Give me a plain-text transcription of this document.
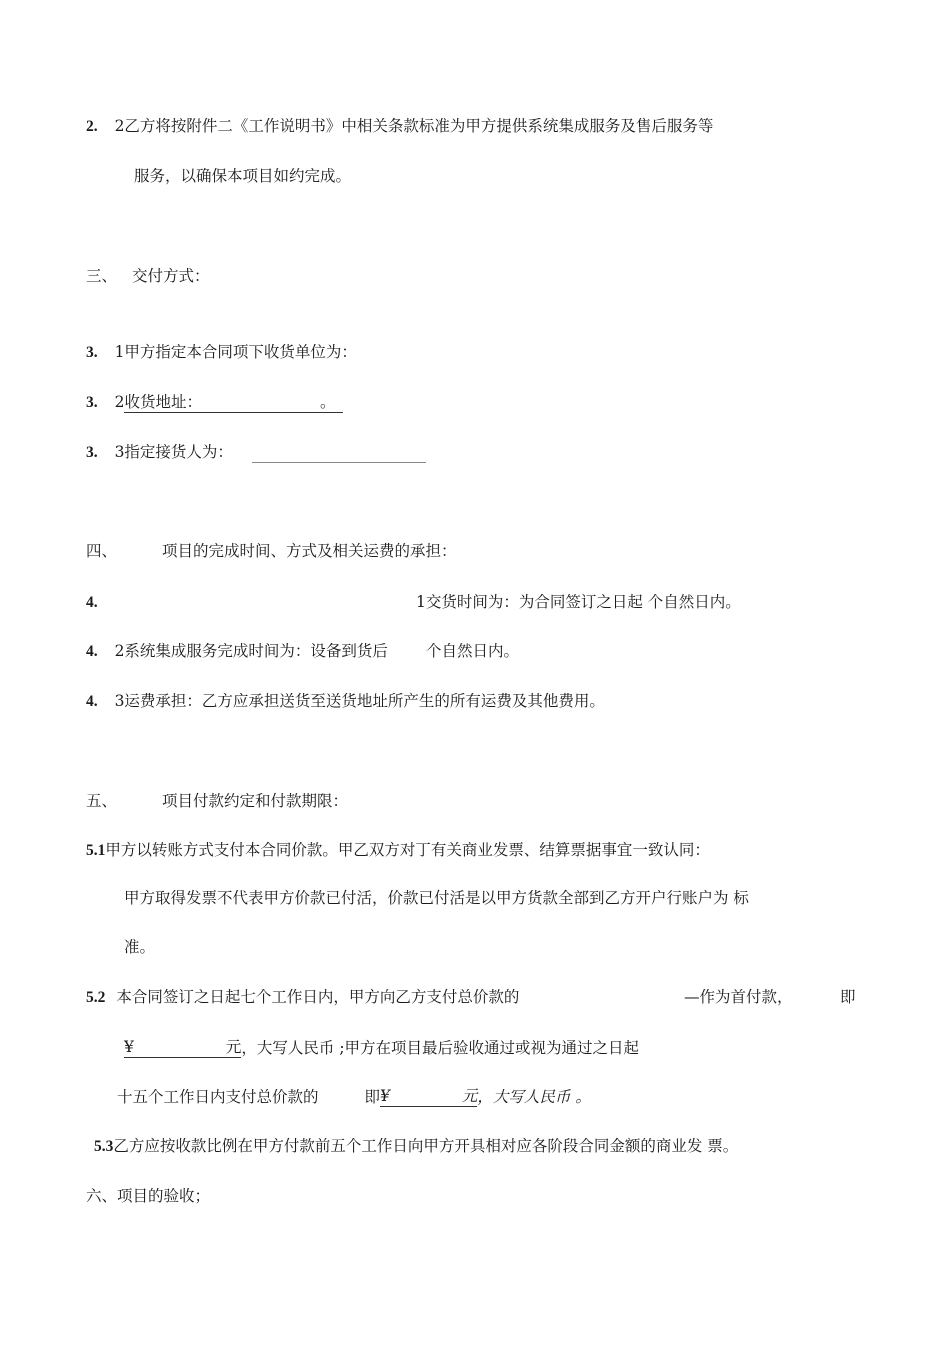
2. 2乙方将按附件二《工作说明书》中相关条款标准为甲方提供系统集成服务及售后服务等
服务，以确保本项目如约完成。
三、 交付方式：
3. 1甲方指定本合同项下收货单位为：
3. 2收货地址：	。
3. 3指定接货人为：
四、	项目的完成时间、方式及相关运费的承担：
4.	1交货时间为：为合同签订之日起 个自然日内。
4. 2系统集成服务完成时间为：设备到货后 个自然日内。
4. 3运费承担：乙方应承担送货至送货地址所产生的所有运费及其他费用。
五、	项目付款约定和付款期限：
5.1甲方以转账方式支付本合同价款。甲乙双方对丁有关商业发票、结算票据事宜一致认同：
甲方取得发票不代表甲方价款已付活，价款已付活是以甲方货款全部到乙方开户行账户为 标
准。
5.2 本合同签订之日起七个工作日内，甲方向乙方支付总价款的	—作为首付款，	即
¥	元，大写人民币 ;甲方在项目最后验收通过或视为通过之日起
十五个工作日内支付总价款的	即¥	元，大写人民币 。
5.3乙方应按收款比例在甲方付款前五个工作日向甲方开具相对应各阶段合同金额的商业发 票。
六、项目的验收；
